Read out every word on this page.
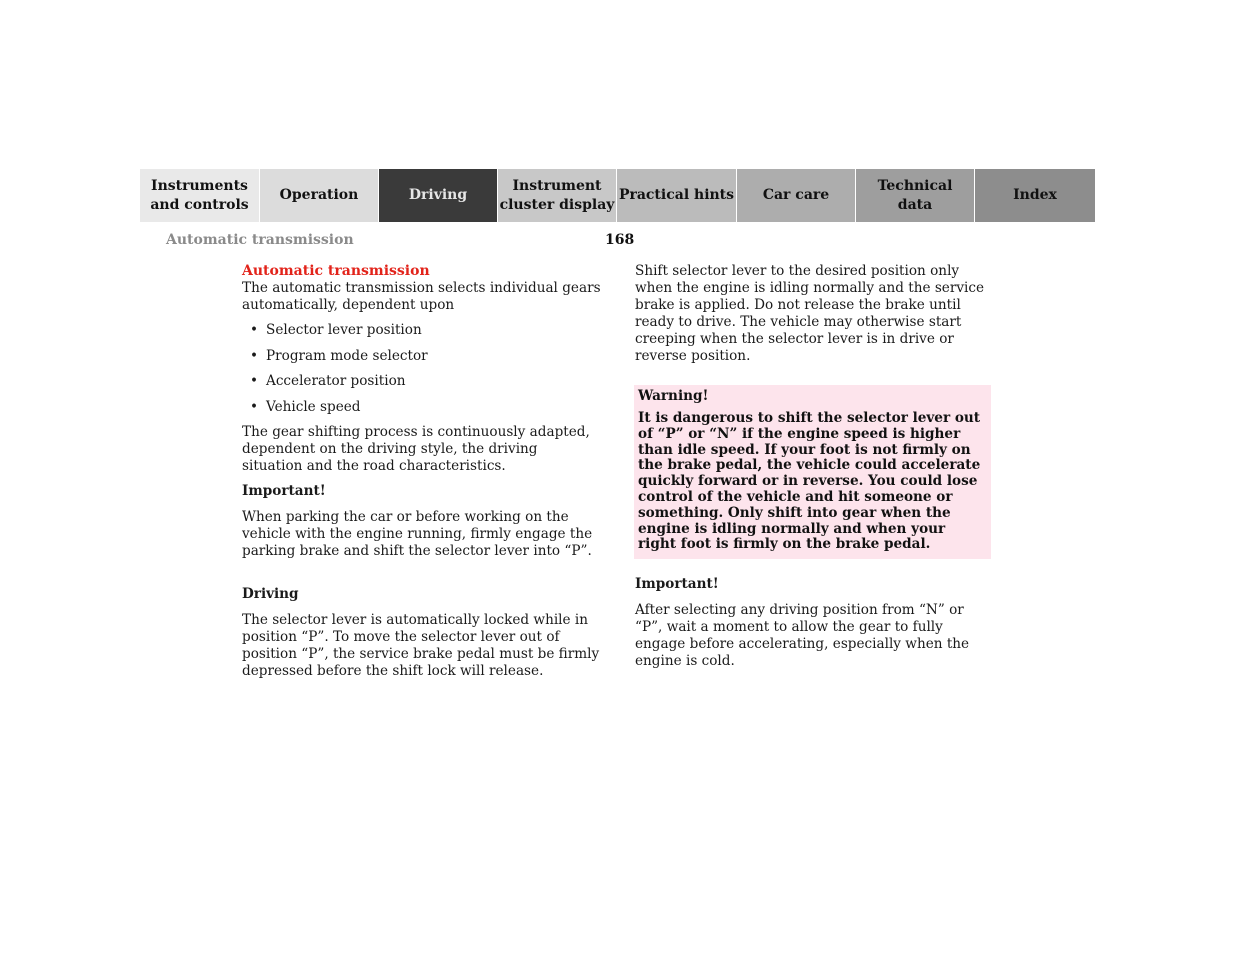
Instruments
and controls
Operation	Driving
Instrument
cluster display
Practical hints	Car care
Technical
data
Index
Automatic transmission	168

Automatic transmission

The automatic transmission selects individual gears automatically, dependent upon

• Selector lever position
• Program mode selector
• Accelerator position
• Vehicle speed

The gear shifting process is continuously adapted, dependent on the driving style, the driving situation and the road characteristics.

Important!

When parking the car or before working on the vehicle with the engine running, firmly engage the parking brake and shift the selector lever into “P”.

Driving

The selector lever is automatically locked while in position “P”. To move the selector lever out of position “P”, the service brake pedal must be firmly depressed before the shift lock will release.

Shift selector lever to the desired position only when the engine is idling normally and the service brake is applied. Do not release the brake until ready to drive. The vehicle may otherwise start creeping when the selector lever is in drive or reverse position.

Warning!

It is dangerous to shift the selector lever out of “P” or “N” if the engine speed is higher than idle speed. If your foot is not firmly on the brake pedal, the vehicle could accelerate quickly forward or in reverse. You could lose control of the vehicle and hit someone or something. Only shift into gear when the engine is idling normally and when your right foot is firmly on the brake pedal.

Important!

After selecting any driving position from “N” or “P”, wait a moment to allow the gear to fully engage before accelerating, especially when the engine is cold.
